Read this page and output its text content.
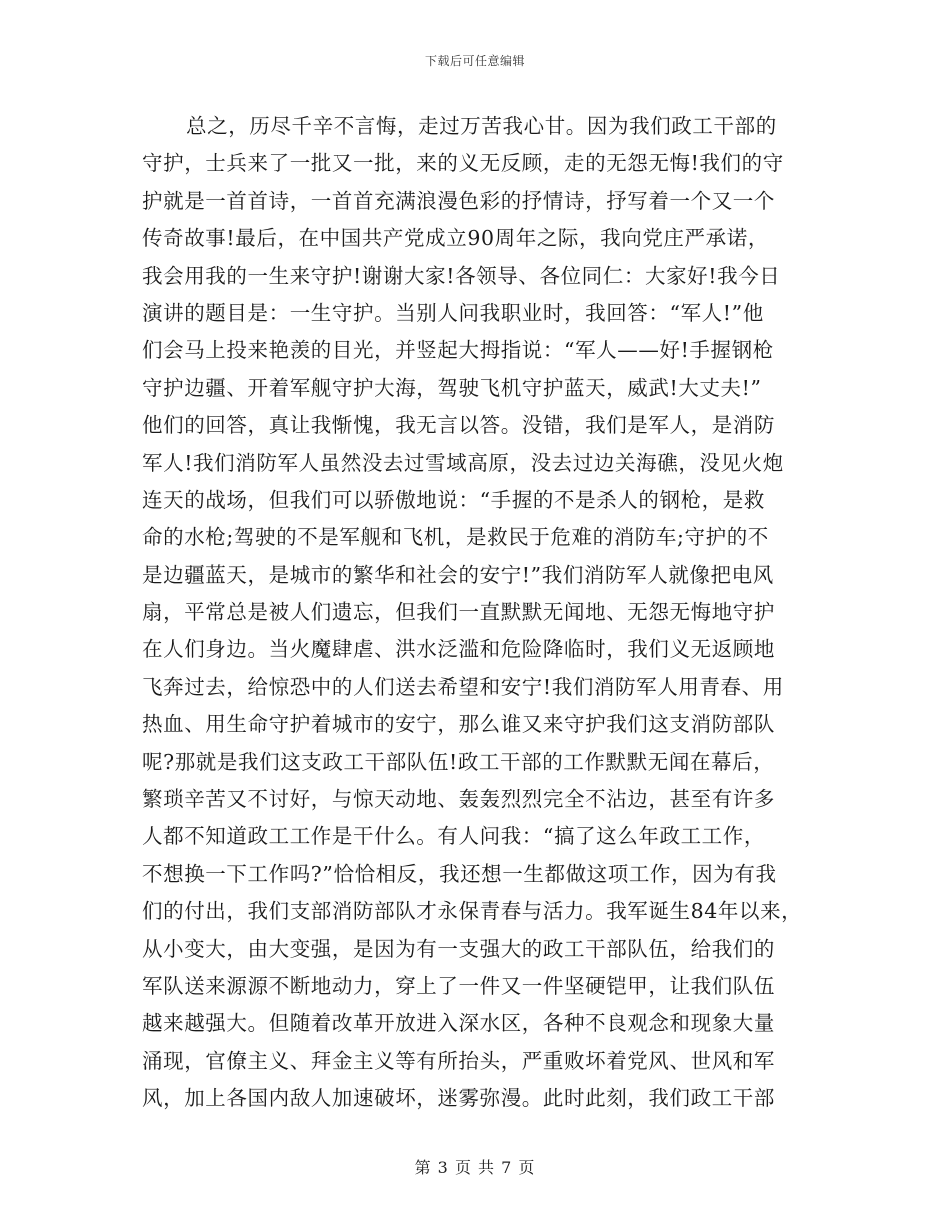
下载后可任意编辑
总之，历尽千辛不言悔，走过万苦我心甘。因为我们政工干部的
守护，士兵来了一批又一批，来的义无反顾，走的无怨无悔!我们的守
护就是一首首诗，一首首充满浪漫色彩的抒情诗，抒写着一个又一个
传奇故事!最后，在中国共产党成立90周年之际，我向党庄严承诺，
我会用我的一生来守护!谢谢大家!各领导、各位同仁：大家好!我今日
演讲的题目是：一生守护。当别人问我职业时，我回答：“军人!”他
们会马上投来艳羡的目光，并竖起大拇指说：“军人——好!手握钢枪
守护边疆、开着军舰守护大海，驾驶飞机守护蓝天，威武!大丈夫!”
他们的回答，真让我惭愧，我无言以答。没错，我们是军人，是消防
军人!我们消防军人虽然没去过雪域高原，没去过边关海礁，没见火炮
连天的战场，但我们可以骄傲地说：“手握的不是杀人的钢枪，是救
命的水枪;驾驶的不是军舰和飞机，是救民于危难的消防车;守护的不
是边疆蓝天，是城市的繁华和社会的安宁!”我们消防军人就像把电风
扇，平常总是被人们遗忘，但我们一直默默无闻地、无怨无悔地守护
在人们身边。当火魔肆虐、洪水泛滥和危险降临时，我们义无返顾地
飞奔过去，给惊恐中的人们送去希望和安宁!我们消防军人用青春、用
热血、用生命守护着城市的安宁，那么谁又来守护我们这支消防部队
呢?那就是我们这支政工干部队伍!政工干部的工作默默无闻在幕后，
繁琐辛苦又不讨好，与惊天动地、轰轰烈烈完全不沾边，甚至有许多
人都不知道政工工作是干什么。有人问我：“搞了这么年政工工作，
不想换一下工作吗?”恰恰相反，我还想一生都做这项工作，因为有我
们的付出，我们支部消防部队才永保青春与活力。我军诞生84年以来，
从小变大，由大变强，是因为有一支强大的政工干部队伍，给我们的
军队送来源源不断地动力，穿上了一件又一件坚硬铠甲，让我们队伍
越来越强大。但随着改革开放进入深水区，各种不良观念和现象大量
涌现，官僚主义、拜金主义等有所抬头，严重败坏着党风、世风和军
风，加上各国内敌人加速破坏，迷雾弥漫。此时此刻，我们政工干部
第 3 页 共 7 页
